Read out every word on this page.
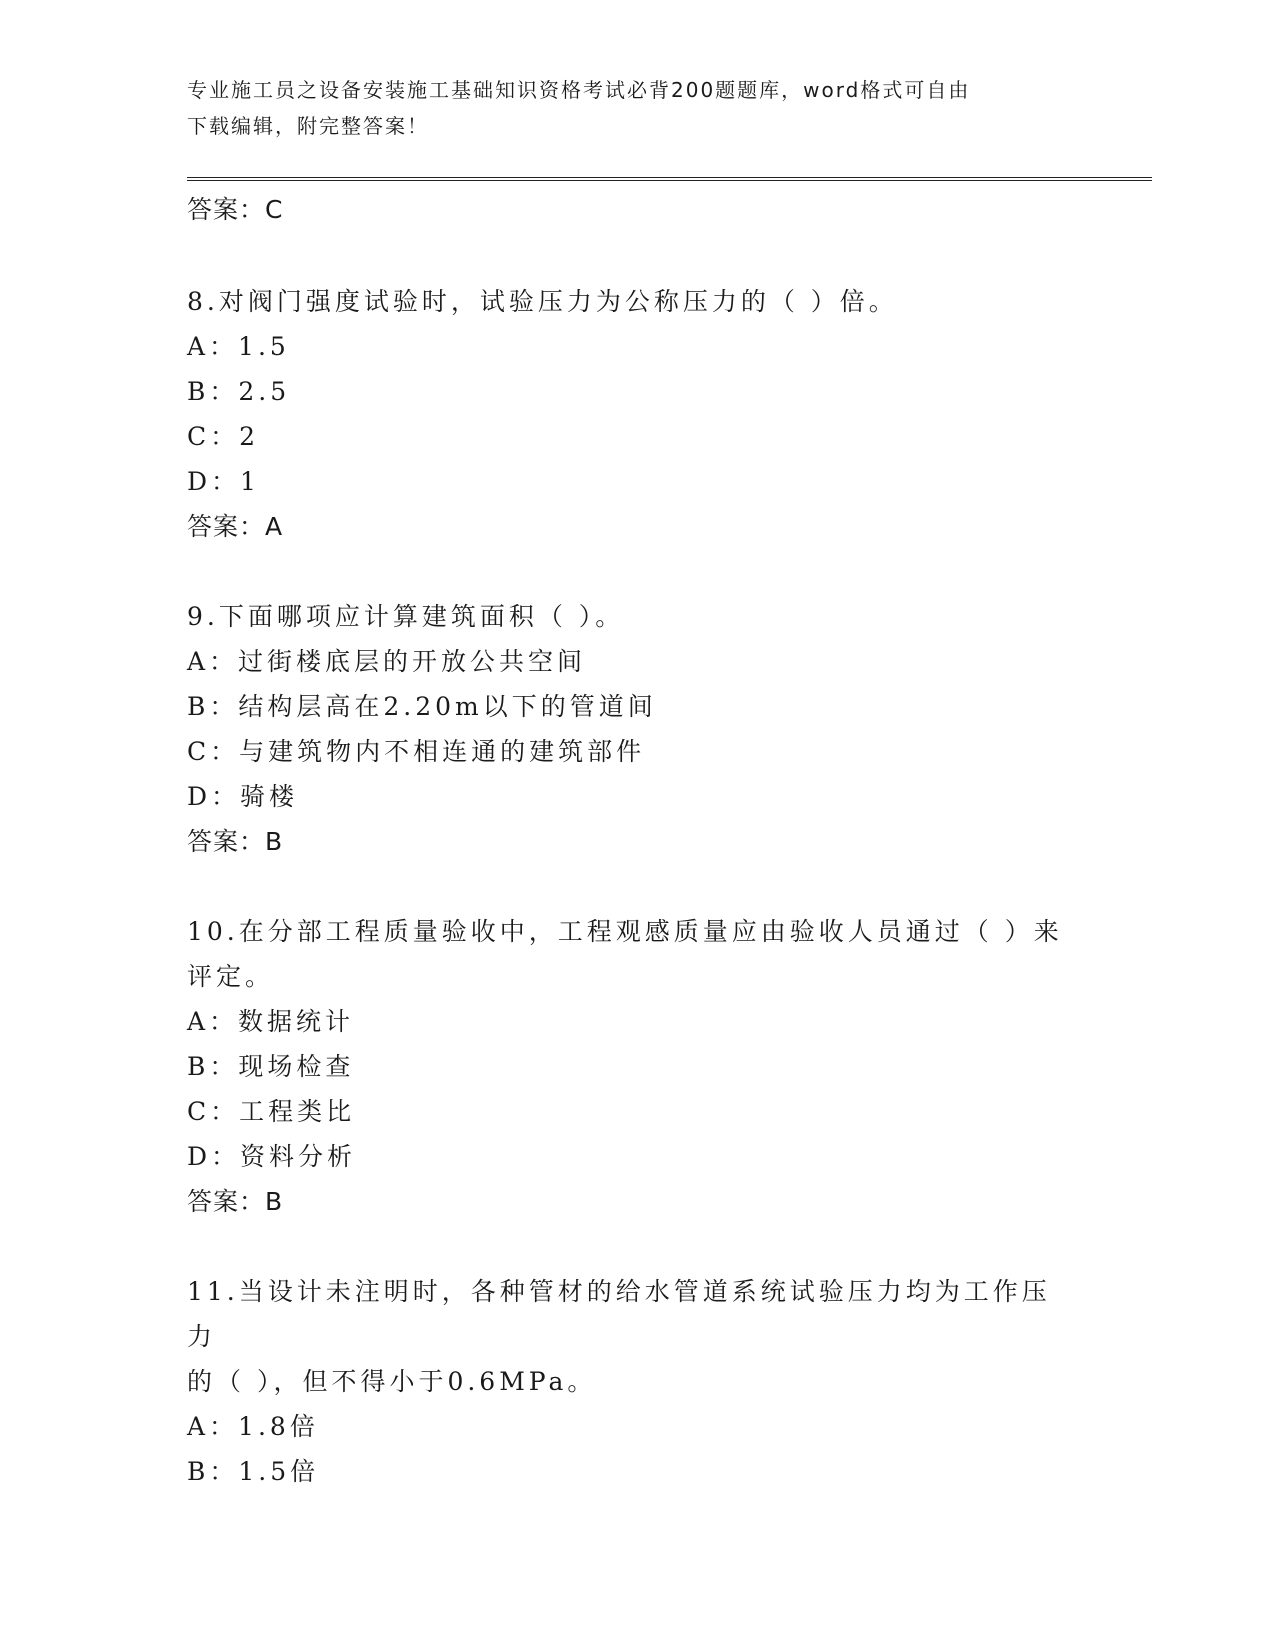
专业施工员之设备安装施工基础知识资格考试必背200题题库，word格式可自由
下载编辑，附完整答案！
答案：C
8.对阀门强度试验时，试验压力为公称压力的（ ）倍。
A：1.5
B：2.5
C：2
D：1
答案：A
9.下面哪项应计算建筑面积（ ）。
A：过街楼底层的开放公共空间
B：结构层高在2.20m以下的管道间
C：与建筑物内不相连通的建筑部件
D：骑楼
答案：B
10.在分部工程质量验收中，工程观感质量应由验收人员通过（ ）来
评定。
A：数据统计
B：现场检查
C：工程类比
D：资料分析
答案：B
11.当设计未注明时，各种管材的给水管道系统试验压力均为工作压力
的（ ），但不得小于0.6MPa。
A：1.8倍
B：1.5倍
